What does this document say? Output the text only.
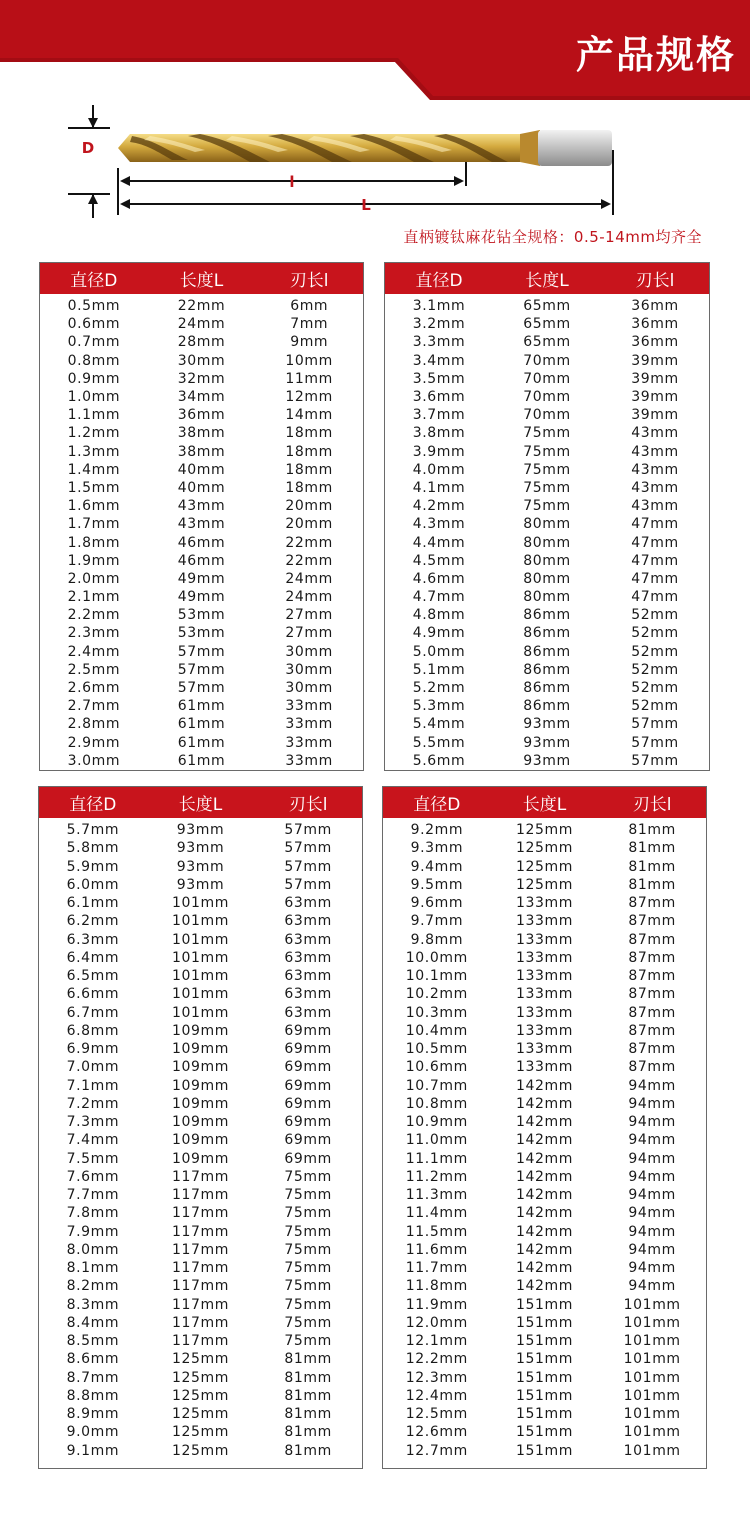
产品规格
D
l
L
直柄镀钛麻花钻全规格：0.5-14mm均齐全
直径D	长度L	刃长l
0.5mm	22mm	6mm
0.6mm	24mm	7mm
0.7mm	28mm	9mm
0.8mm	30mm	10mm
0.9mm	32mm	11mm
1.0mm	34mm	12mm
1.1mm	36mm	14mm
1.2mm	38mm	18mm
1.3mm	38mm	18mm
1.4mm	40mm	18mm
1.5mm	40mm	18mm
1.6mm	43mm	20mm
1.7mm	43mm	20mm
1.8mm	46mm	22mm
1.9mm	46mm	22mm
2.0mm	49mm	24mm
2.1mm	49mm	24mm
2.2mm	53mm	27mm
2.3mm	53mm	27mm
2.4mm	57mm	30mm
2.5mm	57mm	30mm
2.6mm	57mm	30mm
2.7mm	61mm	33mm
2.8mm	61mm	33mm
2.9mm	61mm	33mm
3.0mm	61mm	33mm
直径D	长度L	刃长l
3.1mm	65mm	36mm
3.2mm	65mm	36mm
3.3mm	65mm	36mm
3.4mm	70mm	39mm
3.5mm	70mm	39mm
3.6mm	70mm	39mm
3.7mm	70mm	39mm
3.8mm	75mm	43mm
3.9mm	75mm	43mm
4.0mm	75mm	43mm
4.1mm	75mm	43mm
4.2mm	75mm	43mm
4.3mm	80mm	47mm
4.4mm	80mm	47mm
4.5mm	80mm	47mm
4.6mm	80mm	47mm
4.7mm	80mm	47mm
4.8mm	86mm	52mm
4.9mm	86mm	52mm
5.0mm	86mm	52mm
5.1mm	86mm	52mm
5.2mm	86mm	52mm
5.3mm	86mm	52mm
5.4mm	93mm	57mm
5.5mm	93mm	57mm
5.6mm	93mm	57mm
直径D	长度L	刃长l
5.7mm	93mm	57mm
5.8mm	93mm	57mm
5.9mm	93mm	57mm
6.0mm	93mm	57mm
6.1mm	101mm	63mm
6.2mm	101mm	63mm
6.3mm	101mm	63mm
6.4mm	101mm	63mm
6.5mm	101mm	63mm
6.6mm	101mm	63mm
6.7mm	101mm	63mm
6.8mm	109mm	69mm
6.9mm	109mm	69mm
7.0mm	109mm	69mm
7.1mm	109mm	69mm
7.2mm	109mm	69mm
7.3mm	109mm	69mm
7.4mm	109mm	69mm
7.5mm	109mm	69mm
7.6mm	117mm	75mm
7.7mm	117mm	75mm
7.8mm	117mm	75mm
7.9mm	117mm	75mm
8.0mm	117mm	75mm
8.1mm	117mm	75mm
8.2mm	117mm	75mm
8.3mm	117mm	75mm
8.4mm	117mm	75mm
8.5mm	117mm	75mm
8.6mm	125mm	81mm
8.7mm	125mm	81mm
8.8mm	125mm	81mm
8.9mm	125mm	81mm
9.0mm	125mm	81mm
9.1mm	125mm	81mm
直径D	长度L	刃长l
9.2mm	125mm	81mm
9.3mm	125mm	81mm
9.4mm	125mm	81mm
9.5mm	125mm	81mm
9.6mm	133mm	87mm
9.7mm	133mm	87mm
9.8mm	133mm	87mm
10.0mm	133mm	87mm
10.1mm	133mm	87mm
10.2mm	133mm	87mm
10.3mm	133mm	87mm
10.4mm	133mm	87mm
10.5mm	133mm	87mm
10.6mm	133mm	87mm
10.7mm	142mm	94mm
10.8mm	142mm	94mm
10.9mm	142mm	94mm
11.0mm	142mm	94mm
11.1mm	142mm	94mm
11.2mm	142mm	94mm
11.3mm	142mm	94mm
11.4mm	142mm	94mm
11.5mm	142mm	94mm
11.6mm	142mm	94mm
11.7mm	142mm	94mm
11.8mm	142mm	94mm
11.9mm	151mm	101mm
12.0mm	151mm	101mm
12.1mm	151mm	101mm
12.2mm	151mm	101mm
12.3mm	151mm	101mm
12.4mm	151mm	101mm
12.5mm	151mm	101mm
12.6mm	151mm	101mm
12.7mm	151mm	101mm
